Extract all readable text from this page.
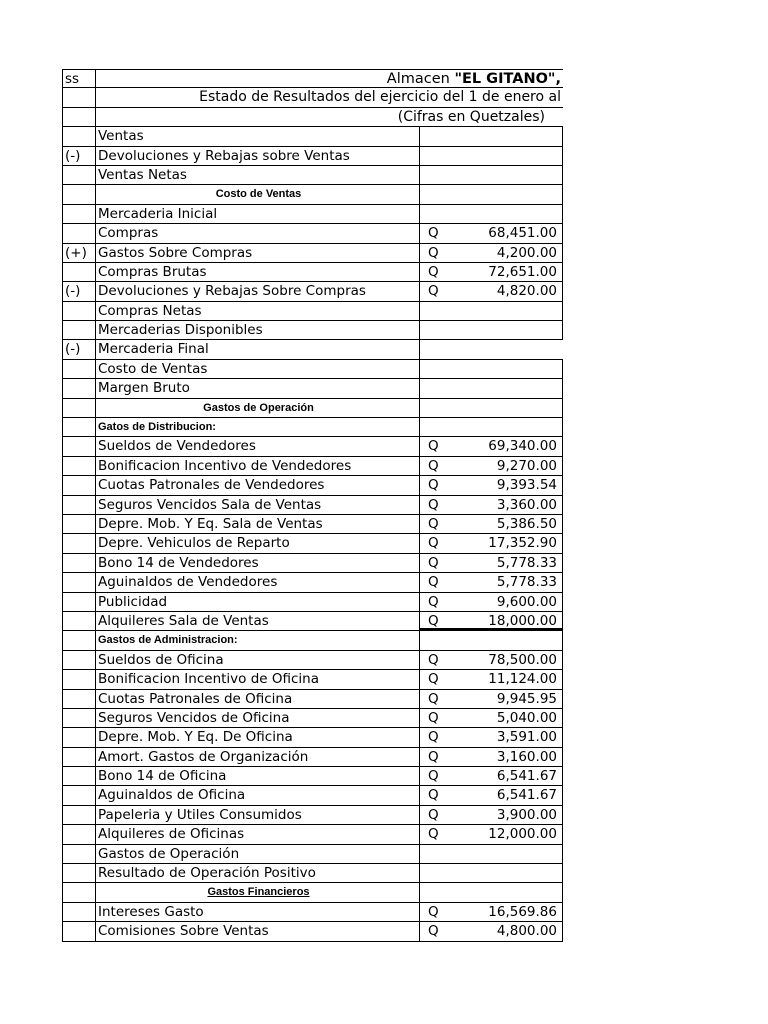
ss	Almacen "EL GITANO",
Estado de Resultados del ejercicio del 1 de enero al
(Cifras en Quetzales)
Ventas
(-)	Devoluciones y Rebajas sobre Ventas
Ventas Netas
Costo de Ventas
Mercaderia Inicial
Compras	Q	68,451.00
(+) Gastos Sobre Compras	Q	4,200.00
Compras Brutas	Q	72,651.00
(-)	Devoluciones y Rebajas Sobre Compras	Q	4,820.00
Compras Netas
Mercaderias Disponibles
(-)	Mercaderia Final
Costo de Ventas
Margen Bruto
Gastos de Operación
Gatos de Distribucion:
Sueldos de Vendedores	Q	69,340.00
Bonificacion Incentivo de Vendedores	Q	9,270.00
Cuotas Patronales de Vendedores	Q	9,393.54
Seguros Vencidos Sala de Ventas	Q	3,360.00
Depre. Mob. Y Eq. Sala de Ventas	Q	5,386.50
Depre. Vehiculos de Reparto	Q	17,352.90
Bono 14 de Vendedores	Q	5,778.33
Aguinaldos de Vendedores	Q	5,778.33
Publicidad	Q	9,600.00
Alquileres Sala de Ventas	Q	18,000.00
Gastos de Administracion:
Sueldos de Oficina	Q	78,500.00
Bonificacion Incentivo de Oficina	Q	11,124.00
Cuotas Patronales de Oficina	Q	9,945.95
Seguros Vencidos de Oficina	Q	5,040.00
Depre. Mob. Y Eq. De Oficina	Q	3,591.00
Amort. Gastos de Organización	Q	3,160.00
Bono 14 de Oficina	Q	6,541.67
Aguinaldos de Oficina	Q	6,541.67
Papeleria y Utiles Consumidos	Q	3,900.00
Alquileres de Oficinas	Q	12,000.00
Gastos de Operación
Resultado de Operación Positivo
Gastos Financieros
Intereses Gasto	Q	16,569.86
Comisiones Sobre Ventas	Q	4,800.00
